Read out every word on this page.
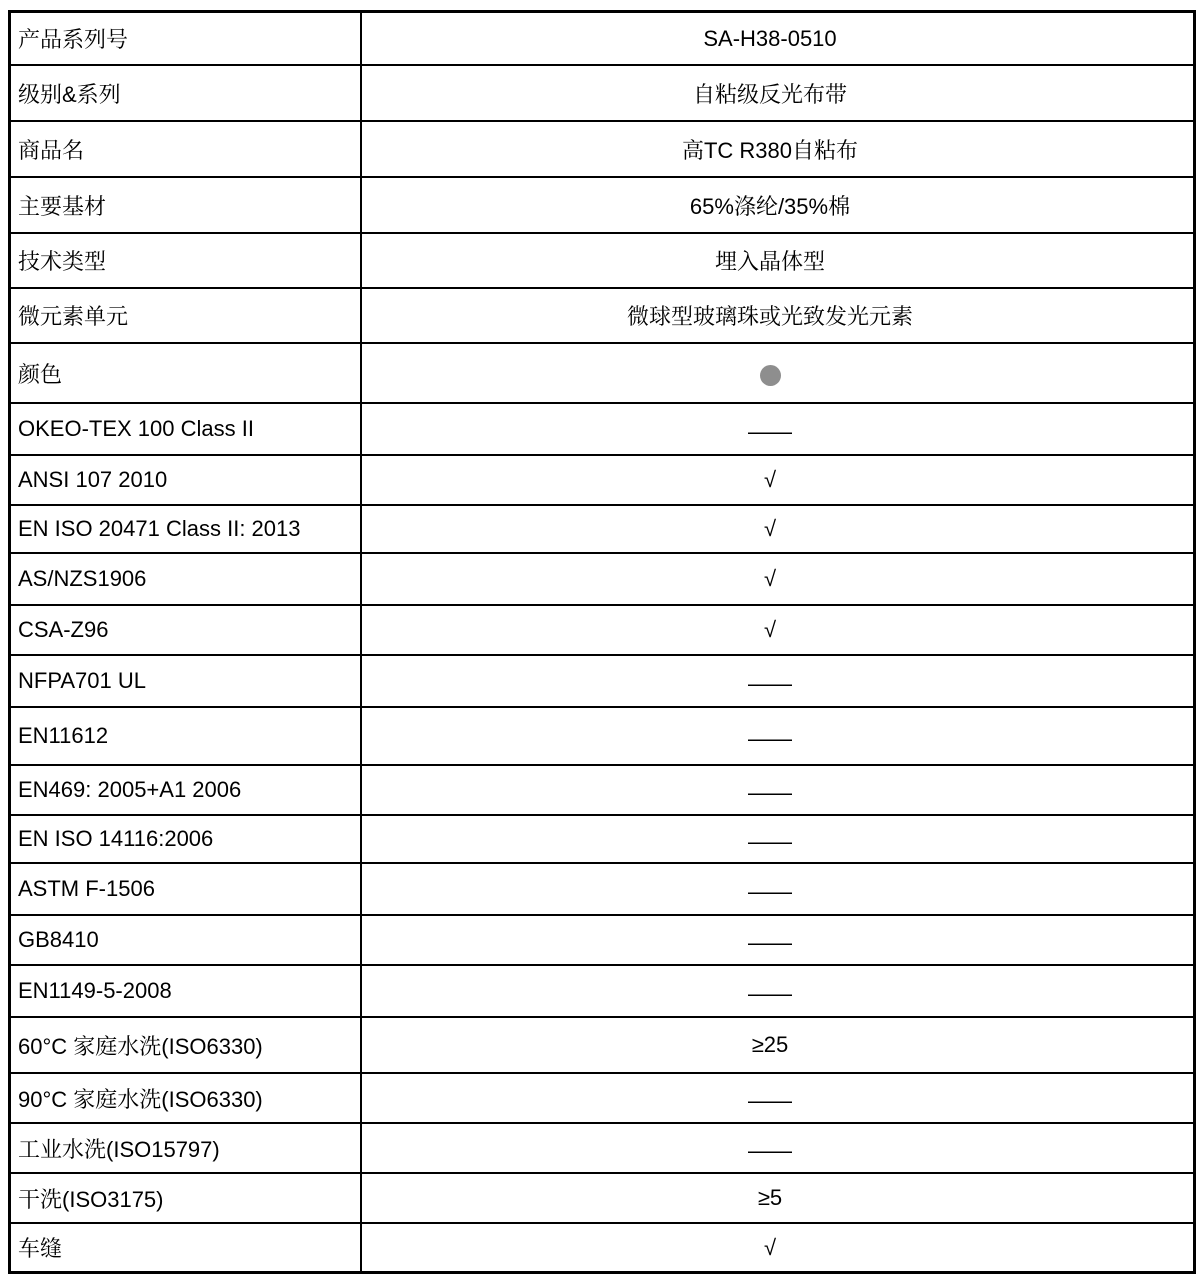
产品系列号	SA-H38-0510
级别&系列	自粘级反光布带
商品名	高TC R380自粘布
主要基材	65%涤纶/35%棉
技术类型	埋入晶体型
微元素单元	微球型玻璃珠或光致发光元素
颜色
OKEO-TEX 100 Class II	——
ANSI 107 2010	√
EN ISO 20471 Class II: 2013	√
AS/NZS1906	√
CSA-Z96	√
NFPA701 UL	——
EN11612	——
EN469: 2005+A1 2006	——
EN ISO 14116:2006	——
ASTM F-1506	——
GB8410	——
EN1149-5-2008	——
60°C 家庭水洗(ISO6330)	≥25
90°C 家庭水洗(ISO6330)	——
工业水洗(ISO15797)	——
干洗(ISO3175)	≥5
车缝	√
